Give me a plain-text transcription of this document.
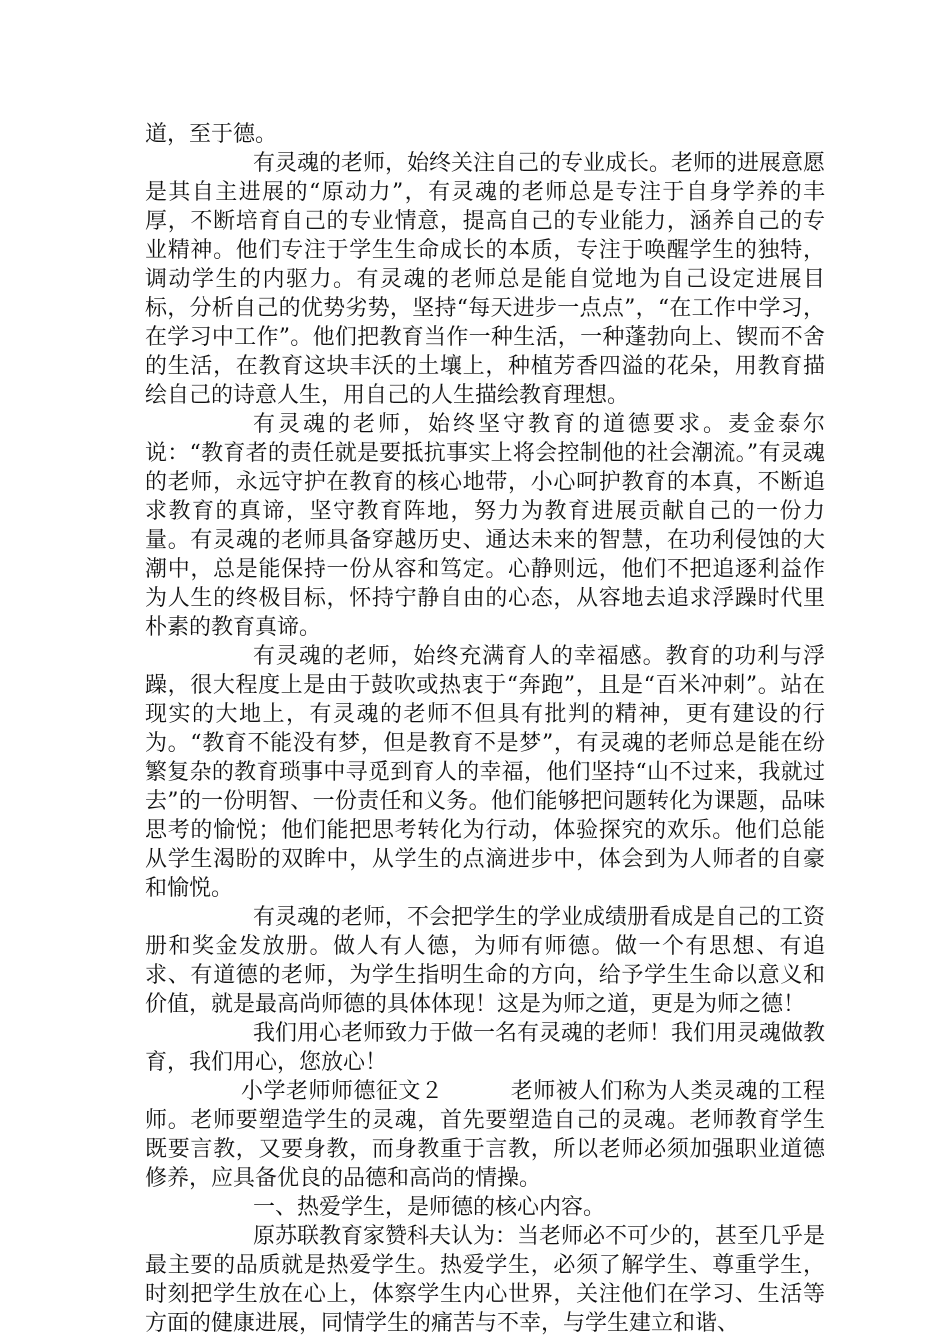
道，至于德。

有灵魂的老师，始终关注自己的专业成长。老师的进展意愿是其自主进展的“原动力”，有灵魂的老师总是专注于自身学养的丰厚，不断培育自己的专业情意，提高自己的专业能力，涵养自己的专业精神。他们专注于学生生命成长的本质，专注于唤醒学生的独特，调动学生的内驱力。有灵魂的老师总是能自觉地为自己设定进展目标，分析自己的优势劣势，坚持“每天进步一点点”，“在工作中学习，在学习中工作”。他们把教育当作一种生活，一种蓬勃向上、锲而不舍的生活，在教育这块丰沃的土壤上，种植芳香四溢的花朵，用教育描绘自己的诗意人生，用自己的人生描绘教育理想。

有灵魂的老师，始终坚守教育的道德要求。麦金泰尔说：“教育者的责任就是要抵抗事实上将会控制他的社会潮流。”有灵魂的老师，永远守护在教育的核心地带，小心呵护教育的本真，不断追求教育的真谛，坚守教育阵地，努力为教育进展贡献自己的一份力量。有灵魂的老师具备穿越历史、通达未来的智慧，在功利侵蚀的大潮中，总是能保持一份从容和笃定。心静则远，他们不把追逐利益作为人生的终极目标，怀持宁静自由的心态，从容地去追求浮躁时代里朴素的教育真谛。

有灵魂的老师，始终充满育人的幸福感。教育的功利与浮躁，很大程度上是由于鼓吹或热衷于“奔跑”，且是“百米冲刺”。站在现实的大地上，有灵魂的老师不但具有批判的精神，更有建设的行为。“教育不能没有梦，但是教育不是梦”，有灵魂的老师总是能在纷繁复杂的教育琐事中寻觅到育人的幸福，他们坚持“山不过来，我就过去”的一份明智、一份责任和义务。他们能够把问题转化为课题，品味思考的愉悦；他们能把思考转化为行动，体验探究的欢乐。他们总能从学生渴盼的双眸中，从学生的点滴进步中，体会到为人师者的自豪和愉悦。

有灵魂的老师，不会把学生的学业成绩册看成是自己的工资册和奖金发放册。做人有人德，为师有师德。做一个有思想、有追求、有道德的老师，为学生指明生命的方向，给予学生生命以意义和价值，就是最高尚师德的具体体现！这是为师之道，更是为师之德！

我们用心老师致力于做一名有灵魂的老师！我们用灵魂做教育，我们用心，您放心！

小学老师师德征文２　　　老师被人们称为人类灵魂的工程师。老师要塑造学生的灵魂，首先要塑造自己的灵魂。老师教育学生既要言教，又要身教，而身教重于言教，所以老师必须加强职业道德修养，应具备优良的品德和高尚的情操。

一、热爱学生，是师德的核心内容。

原苏联教育家赞科夫认为：当老师必不可少的，甚至几乎是最主要的品质就是热爱学生。热爱学生，必须了解学生、尊重学生，时刻把学生放在心上，体察学生内心世界，关注他们在学习、生活等方面的健康进展，同情学生的痛苦与不幸，与学生建立和谐、
